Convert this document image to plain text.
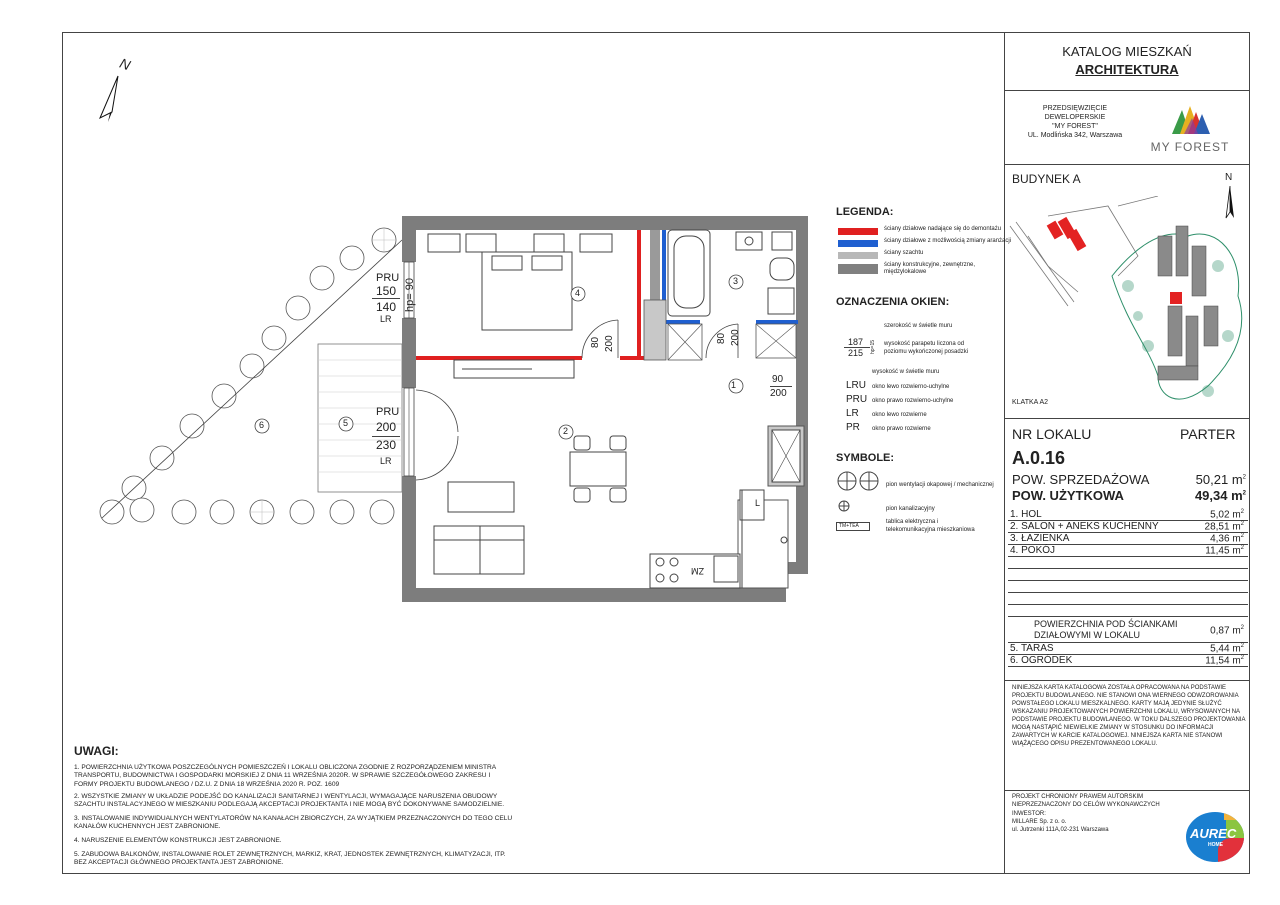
KATALOG MIESZKAŃ
ARCHITEKTURA
PRZEDSIĘWZIĘCIE
DEWELOPERSKIE
"MY FOREST"
UL. Modlińska 342, Warszawa
MY FOREST
BUDYNEK A	N
KLATKA A2
NR LOKALU	PARTER
A.0.16
POW. SPRZEDAŻOWA	50,21 $m^2$
POW. UŻYTKOWA	49,34 $m^2$
1. HOL	5,02 $m^2$
2. SALON + ANEKS KUCHENNY	28,51 $m^2$
3. ŁAZIENKA	4,36 $m^2$
4. POKÓJ	11,45 $m^2$
POWIERZCHNIA POD ŚCIANKAMI DZIAŁOWYMI W LOKALU	0,87 $m^2$
5. TARAS	5,44 $m^2$
6. OGRÓDEK	11,54 $m^2$
NINIEJSZA KARTA KATALOGOWA ZOSTAŁA OPRACOWANA NA PODSTAWIE PROJEKTU BUDOWLANEGO. NIE STANOWI ONA WIERNEGO ODWZOROWANIA POWSTAŁEGO LOKALU MIESZKALNEGO. KARTY MAJĄ JEDYNIE SŁUŻYĆ WSKAZANIU PROJEKTOWANYCH POWIERZCHNI LOKALU, WRYSOWANYCH NA PODSTAWIE PROJEKTU BUDOWLANEGO. W TOKU DALSZEGO PROJEKTOWANIA MOGĄ NASTĄPIĆ NIEWIELKIE ZMIANY W STOSUNKU DO INFORMACJI ZAWARTYCH W KARCIE KATALOGOWEJ. NINIEJSZA KARTA NIE STANOWI WIĄŻĄCEGO OPISU PREZENTOWANEGO LOKALU.
PROJEKT CHRONIONY PRAWEM AUTORSKIM
NIEPRZEZNACZONY DO CELÓW WYKONAWCZYCH
INWESTOR:
MILLARE Sp. z o. o.
ul. Jutrzenki 111A,02-231 Warszawa	AUREC
HOME
N
1
2
3
4
5
6
PRU
150
140
LR
hp= 90
PRU
200
230
LR
80 200	80 200
90
200
ZM
L
LEGENDA:
ściany działowe nadające się do demontażu
ściany działowe z możliwością zmiany aranżacji
ściany szachtu
ściany konstrukcyjne, zewnętrzne, międzylokalowe
OZNACZENIA OKIEN:
187
215 hp=15
szerokość w świetle muru
wysokość parapetu liczona od poziomu wykończonej posadzki
wysokość w świetle muru
LRU okno lewo rozwierno-uchylne
PRU okno prawo rozwierno-uchylne
LR okno lewo rozwierne
PR okno prawo rozwierne
SYMBOLE:
pion wentylacji okapowej / mechanicznej
pion kanalizacyjny
TM+TEA
tablica elektryczna i telekomunikacyjna mieszkaniowa
UWAGI:
1. POWIERZCHNIA UŻYTKOWA POSZCZEGÓLNYCH POMIESZCZEŃ I LOKALU OBLICZONA ZGODNIE Z ROZPORZĄDZENIEM MINISTRA TRANSPORTU, BUDOWNICTWA I GOSPODARKI MORSKIEJ Z DNIA 11 WRZEŚNIA 2020R. W SPRAWIE SZCZEGÓŁOWEGO ZAKRESU I FORMY PROJEKTU BUDOWLANEGO / DZ.U. Z DNIA 18 WRZEŚNIA 2020 R. POZ. 1609
2. WSZYSTKIE ZMIANY W UKŁADZIE PODEJŚĆ DO KANALIZACJI SANITARNEJ I WENTYLACJI, WYMAGAJĄCE NARUSZENIA OBUDOWY SZACHTU INSTALACYJNEGO W MIESZKANIU PODLEGAJĄ AKCEPTACJI PROJEKTANTA I NIE MOGĄ BYĆ DOKONYWANE SAMODZIELNIE.
3. INSTALOWANIE INDYWIDUALNYCH WENTYLATORÓW NA KANAŁACH ZBIORCZYCH, ZA WYJĄTKIEM PRZEZNACZONYCH DO TEGO CELU KANAŁÓW KUCHENNYCH JEST ZABRONIONE.
4. NARUSZENIE ELEMENTÓW KONSTRUKCJI JEST ZABRONIONE.
5. ZABUDOWA BALKONÓW, INSTALOWANIE ROLET ZEWNĘTRZNYCH, MARKIZ, KRAT, JEDNOSTEK ZEWNĘTRZNYCH, KLIMATYZACJI, ITP. BEZ AKCEPTACJI GŁÓWNEGO PROJEKTANTA JEST ZABRONIONE.
